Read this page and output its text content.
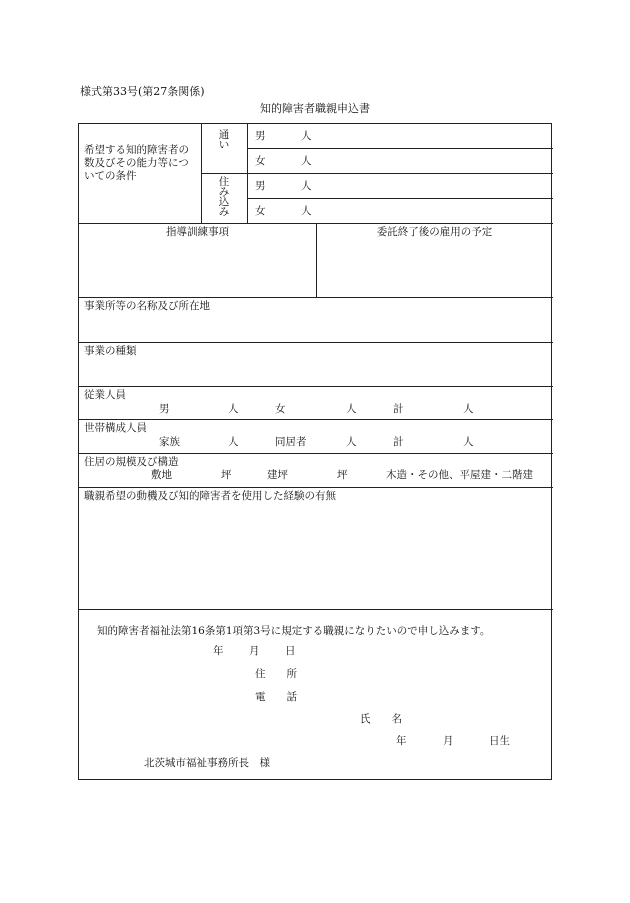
様式第33号(第27条関係)
知的障害者職親申込書
希望する知的障害者の数及びその能力等についての条件
通
い
住
み
込
み
男	人
女	人
男	人
女	人
指導訓練事項	委託終了後の雇用の予定
事業所等の名称及び所在地
事業の種類
従業人員
男	人	女	人	計	人
世帯構成人員
家族	人	同居者	人	計	人
住居の規模及び構造
敷地	坪	建坪	坪	木造・その他、平屋建・二階建
職親希望の動機及び知的障害者を使用した経験の有無
知的障害者福祉法第16条第1項第3号に規定する職親になりたいので申し込みます。
年 月 日
住　　所
電　　話
氏　　名
年	月	日生
北茨城市福祉事務所長　様
